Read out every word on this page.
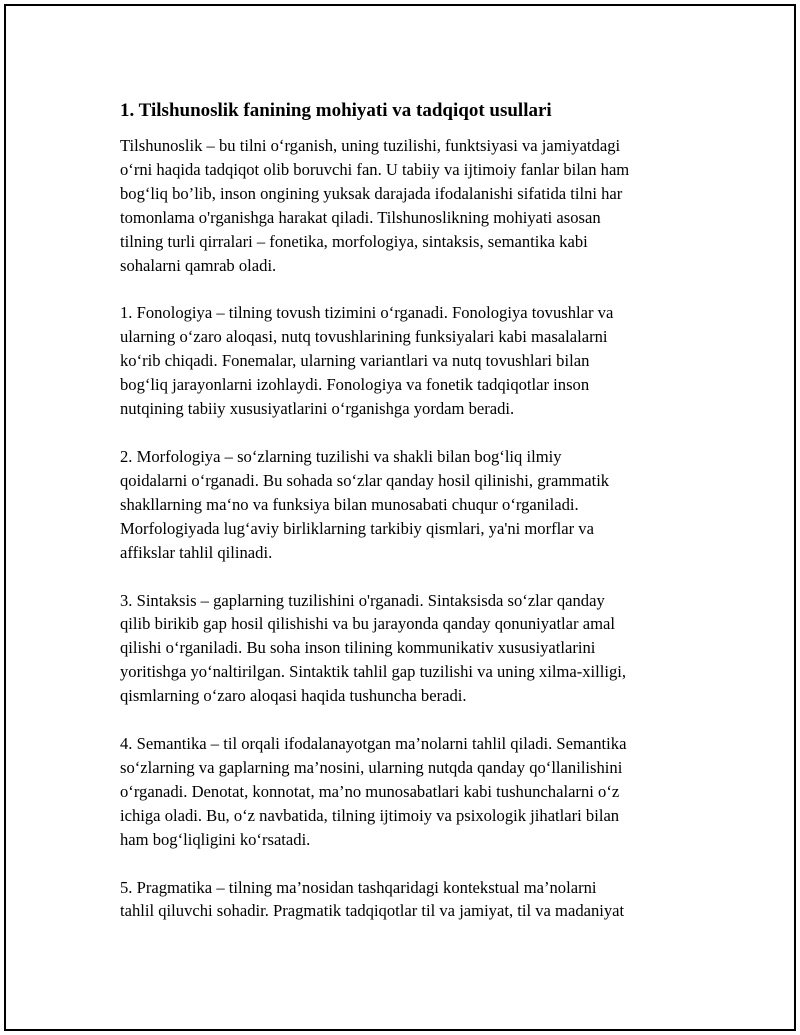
1. Tilshunoslik fanining mohiyati va tadqiqot usullari

Tilshunoslik – bu tilni o‘rganish, uning tuzilishi, funktsiyasi va jamiyatdagi
o‘rni haqida tadqiqot olib boruvchi fan. U tabiiy va ijtimoiy fanlar bilan ham
bog‘liq bo’lib, inson ongining yuksak darajada ifodalanishi sifatida tilni har
tomonlama o'rganishga harakat qiladi. Tilshunoslikning mohiyati asosan
tilning turli qirralari – fonetika, morfologiya, sintaksis, semantika kabi
sohalarni qamrab oladi.

1. Fonologiya – tilning tovush tizimini o‘rganadi. Fonologiya tovushlar va
ularning o‘zaro aloqasi, nutq tovushlarining funksiyalari kabi masalalarni
ko‘rib chiqadi. Fonemalar, ularning variantlari va nutq tovushlari bilan
bog‘liq jarayonlarni izohlaydi. Fonologiya va fonetik tadqiqotlar inson
nutqining tabiiy xususiyatlarini o‘rganishga yordam beradi.

2. Morfologiya – so‘zlarning tuzilishi va shakli bilan bog‘liq ilmiy
qoidalarni o‘rganadi. Bu sohada so‘zlar qanday hosil qilinishi, grammatik
shakllarning ma‘no va funksiya bilan munosabati chuqur o‘rganiladi.
Morfologiyada lug‘aviy birliklarning tarkibiy qismlari, ya'ni morflar va
affikslar tahlil qilinadi.

3. Sintaksis – gaplarning tuzilishini o'rganadi. Sintaksisda so‘zlar qanday
qilib birikib gap hosil qilishishi va bu jarayonda qanday qonuniyatlar amal
qilishi o‘rganiladi. Bu soha inson tilining kommunikativ xususiyatlarini
yoritishga yo‘naltirilgan. Sintaktik tahlil gap tuzilishi va uning xilma-xilligi,
qismlarning o‘zaro aloqasi haqida tushuncha beradi.

4. Semantika – til orqali ifodalanayotgan ma’nolarni tahlil qiladi. Semantika
so‘zlarning va gaplarning ma’nosini, ularning nutqda qanday qo‘llanilishini
o‘rganadi. Denotat, konnotat, ma’no munosabatlari kabi tushunchalarni o‘z
ichiga oladi. Bu, o‘z navbatida, tilning ijtimoiy va psixologik jihatlari bilan
ham bog‘liqligini ko‘rsatadi.

5. Pragmatika – tilning ma’nosidan tashqaridagi kontekstual ma’nolarni
tahlil qiluvchi sohadir. Pragmatik tadqiqotlar til va jamiyat, til va madaniyat
